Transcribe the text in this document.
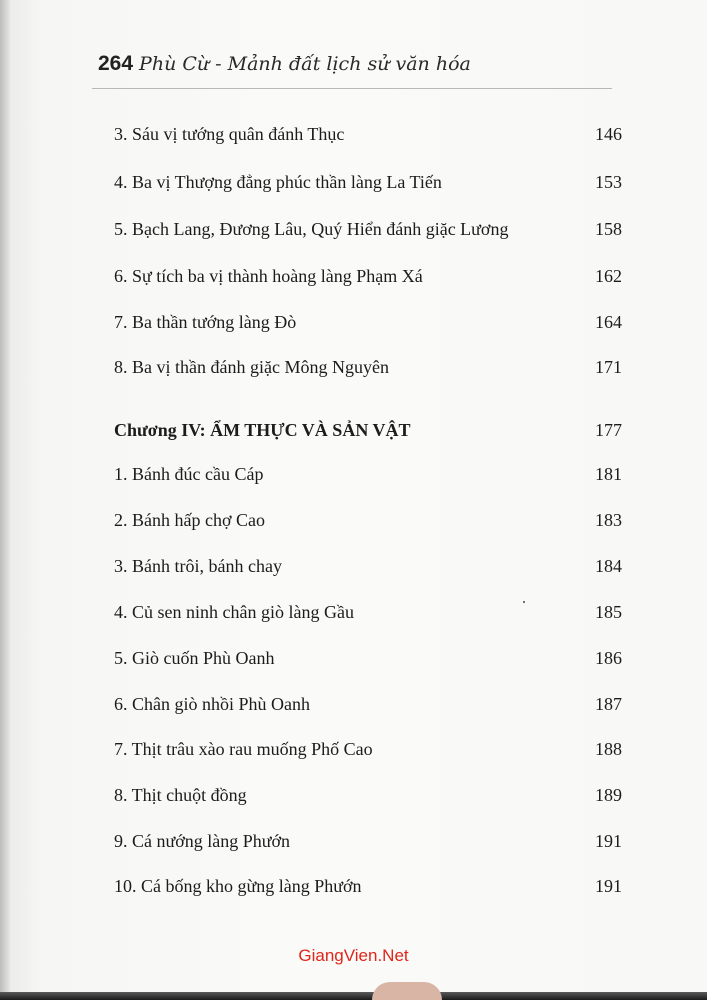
264 Phù Cừ - Mảnh đất lịch sử văn hóa
3. Sáu vị tướng quân đánh Thục	146
4. Ba vị Thượng đẳng phúc thần làng La Tiến	153
5. Bạch Lang, Đương Lâu, Quý Hiển đánh giặc Lương	158
6. Sự tích ba vị thành hoàng làng Phạm Xá	162
7. Ba thần tướng làng Đò	164
8. Ba vị thần đánh giặc Mông Nguyên	171
Chương IV: ẨM THỰC VÀ SẢN VẬT	177
1. Bánh đúc cầu Cáp	181
2. Bánh hấp chợ Cao	183
3. Bánh trôi, bánh chay	184
4. Củ sen ninh chân giò làng Gầu	185
5. Giò cuốn Phù Oanh	186
6. Chân giò nhồi Phù Oanh	187
7. Thịt trâu xào rau muống Phố Cao	188
8. Thịt chuột đồng	189
9. Cá nướng làng Phướn	191
10. Cá bống kho gừng làng Phướn	191
GiangVien.Net
